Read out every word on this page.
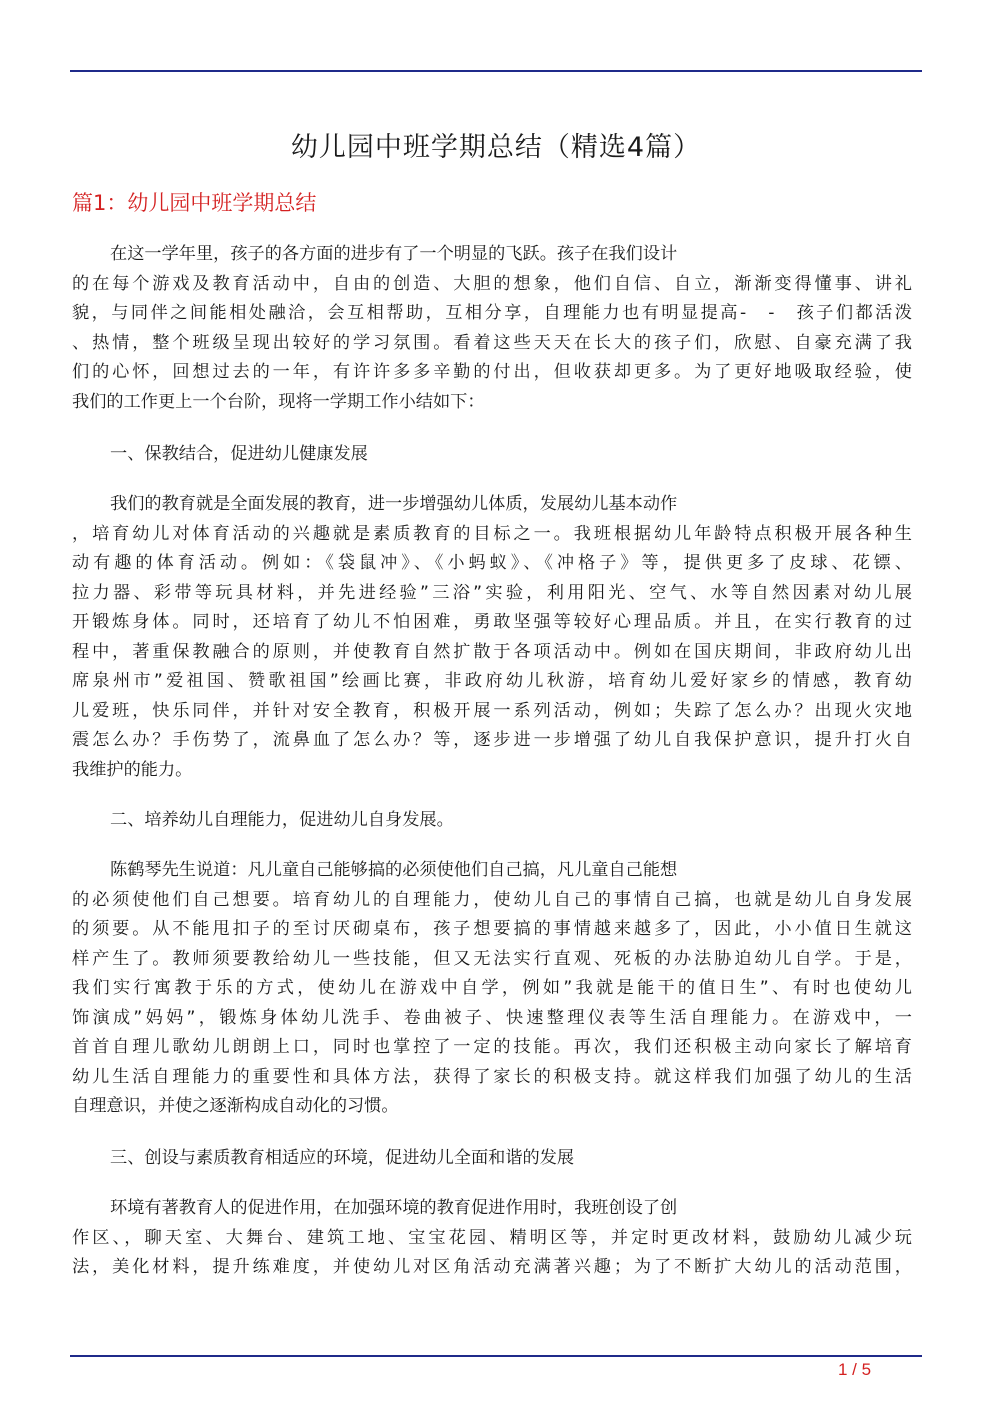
幼儿园中班学期总结（精选4篇）
篇1：幼儿园中班学期总结
在这一学年里，孩子的各方面的进步有了一个明显的飞跃。孩子在我们设计
的在每个游戏及教育活动中，自由的创造、大胆的想象，他们自信、自立，渐渐变得懂事、讲礼
貌，与同伴之间能相处融洽，会互相帮助，互相分享，自理能力也有明显提高-　-　孩子们都活泼
、热情，整个班级呈现出较好的学习氛围。看着这些天天在长大的孩子们，欣慰、自豪充满了我
们的心怀，回想过去的一年，有许许多多辛勤的付出，但收获却更多。为了更好地吸取经验，使
我们的工作更上一个台阶，现将一学期工作小结如下：
一、保教结合，促进幼儿健康发展
我们的教育就是全面发展的教育，进一步增强幼儿体质，发展幼儿基本动作
，培育幼儿对体育活动的兴趣就是素质教育的目标之一。我班根据幼儿年龄特点积极开展各种生
动有趣的体育活动。例如：《袋鼠冲》、《小蚂蚁》、《冲格子》等，提供更多了皮球、花镖、
拉力器、彩带等玩具材料，并先进经验”三浴”实验，利用阳光、空气、水等自然因素对幼儿展
开锻炼身体。同时，还培育了幼儿不怕困难，勇敢坚强等较好心理品质。并且，在实行教育的过
程中，著重保教融合的原则，并使教育自然扩散于各项活动中。例如在国庆期间，非政府幼儿出
席泉州市”爱祖国、赞歌祖国”绘画比赛，非政府幼儿秋游，培育幼儿爱好家乡的情感，教育幼
儿爱班，快乐同伴，并针对安全教育，积极开展一系列活动，例如；失踪了怎么办？出现火灾地
震怎么办？手伤势了，流鼻血了怎么办？等，逐步进一步增强了幼儿自我保护意识，提升打火自
我维护的能力。
二、培养幼儿自理能力，促进幼儿自身发展。
陈鹤琴先生说道：凡儿童自己能够搞的必须使他们自己搞，凡儿童自己能想
的必须使他们自己想要。培育幼儿的自理能力，使幼儿自己的事情自己搞，也就是幼儿自身发展
的须要。从不能甩扣子的至讨厌砌桌布，孩子想要搞的事情越来越多了，因此，小小值日生就这
样产生了。教师须要教给幼儿一些技能，但又无法实行直观、死板的办法胁迫幼儿自学。于是，
我们实行寓教于乐的方式，使幼儿在游戏中自学，例如”我就是能干的值日生”、有时也使幼儿
饰演成”妈妈”，锻炼身体幼儿洗手、卷曲被子、快速整理仪表等生活自理能力。在游戏中，一
首首自理儿歌幼儿朗朗上口，同时也掌控了一定的技能。再次，我们还积极主动向家长了解培育
幼儿生活自理能力的重要性和具体方法，获得了家长的积极支持。就这样我们加强了幼儿的生活
自理意识，并使之逐渐构成自动化的习惯。
三、创设与素质教育相适应的环境，促进幼儿全面和谐的发展
环境有著教育人的促进作用，在加强环境的教育促进作用时，我班创设了创
作区、，聊天室、大舞台、建筑工地、宝宝花园、精明区等，并定时更改材料，鼓励幼儿减少玩
法，美化材料，提升练难度，并使幼儿对区角活动充满著兴趣；为了不断扩大幼儿的活动范围，
1 / 5
